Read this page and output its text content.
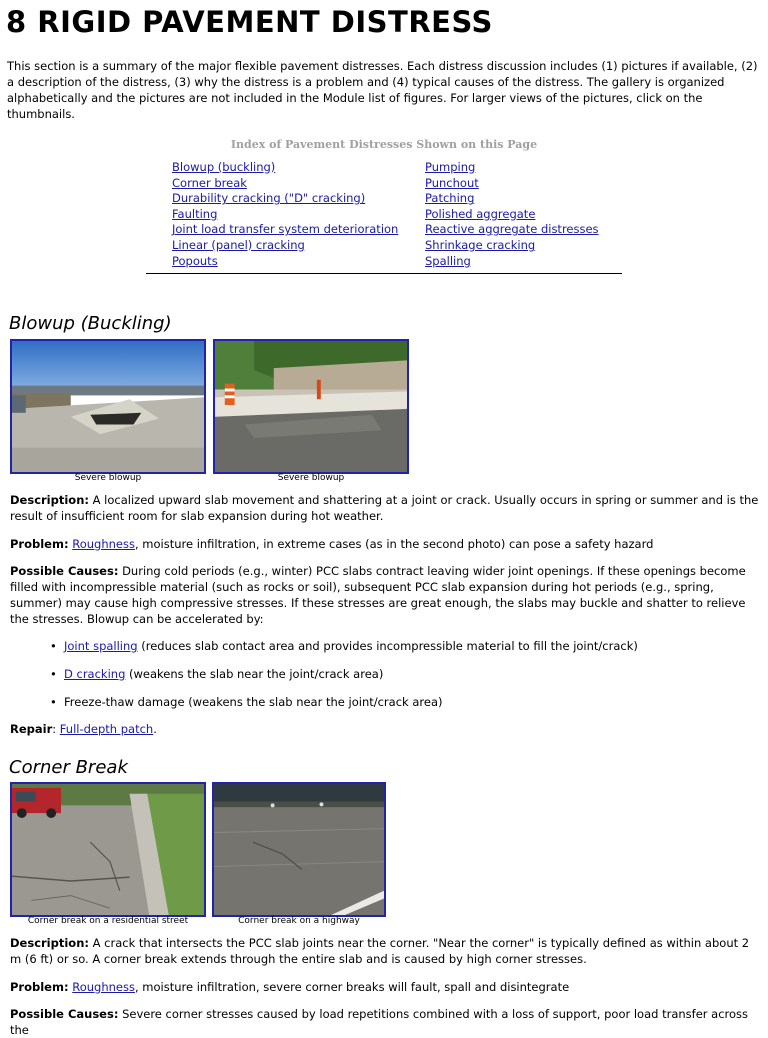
8 RIGID PAVEMENT DISTRESS

This section is a summary of the major flexible pavement distresses. Each distress discussion includes (1) pictures if available, (2) a description of the distress, (3) why the distress is a problem and (4) typical causes of the distress. The gallery is organized alphabetically and the pictures are not included in the Module list of figures. For larger views of the pictures, click on the thumbnails.

Index of Pavement Distresses Shown on this Page
Blowup (buckling)
Corner break
Durability cracking ("D" cracking)
Faulting
Joint load transfer system deterioration
Linear (panel) cracking
Popouts
Pumping
Punchout
Patching
Polished aggregate
Reactive aggregate distresses
Shrinkage cracking
Spalling
Blowup (Buckling)
Severe blowup	Severe blowup

Description: A localized upward slab movement and shattering at a joint or crack. Usually occurs in spring or summer and is the result of insufficient room for slab expansion during hot weather.

Problem: Roughness, moisture infiltration, in extreme cases (as in the second photo) can pose a safety hazard

Possible Causes: During cold periods (e.g., winter) PCC slabs contract leaving wider joint openings. If these openings become filled with incompressible material (such as rocks or soil), subsequent PCC slab expansion during hot periods (e.g., spring, summer) may cause high compressive stresses. If these stresses are great enough, the slabs may buckle and shatter to relieve the stresses. Blowup can be accelerated by:

• Joint spalling (reduces slab contact area and provides incompressible material to fill the joint/crack)
• D cracking (weakens the slab near the joint/crack area)
• Freeze-thaw damage (weakens the slab near the joint/crack area)

Repair: Full-depth patch.

Corner Break
Corner break on a residential street	Corner break on a highway

Description: A crack that intersects the PCC slab joints near the corner. "Near the corner" is typically defined as within about 2 m (6 ft) or so. A corner break extends through the entire slab and is caused by high corner stresses.

Problem: Roughness, moisture infiltration, severe corner breaks will fault, spall and disintegrate

Possible Causes: Severe corner stresses caused by load repetitions combined with a loss of support, poor load transfer across the
